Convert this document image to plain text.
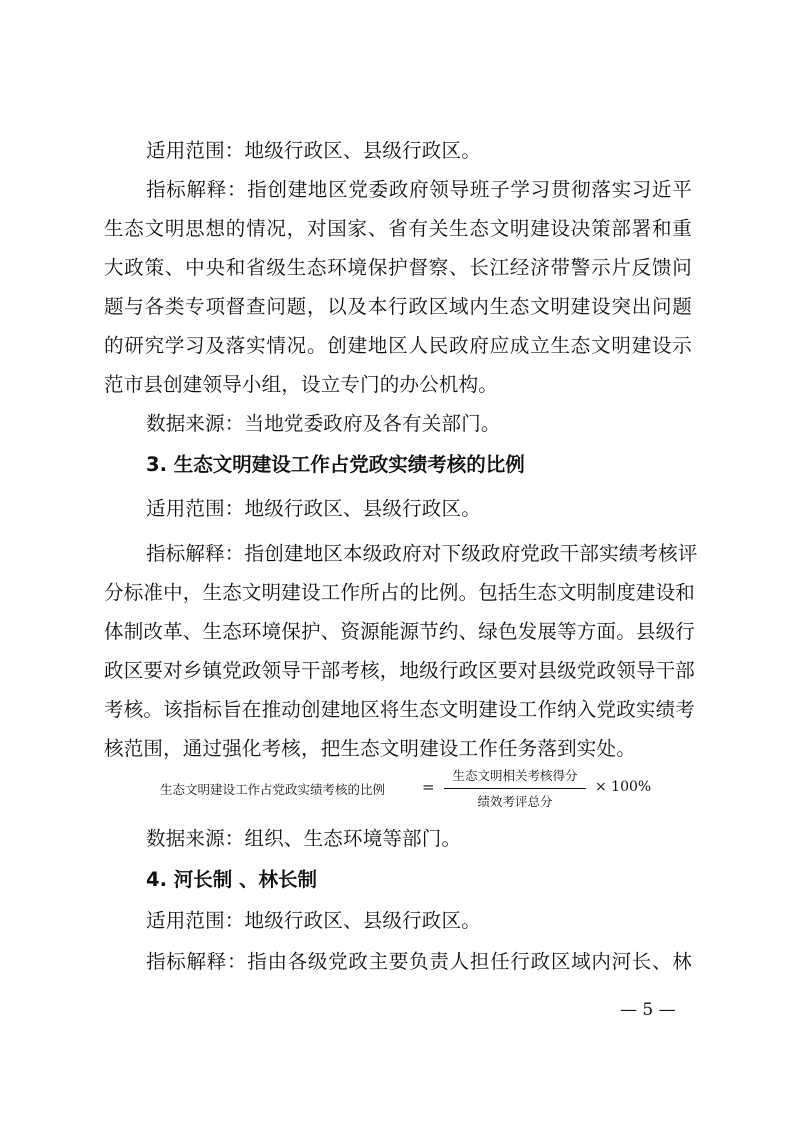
适用范围：地级行政区、县级行政区。
指标解释：指创建地区党委政府领导班子学习贯彻落实习近平
生态文明思想的情况，对国家、省有关生态文明建设决策部署和重
大政策、中央和省级生态环境保护督察、长江经济带警示片反馈问
题与各类专项督查问题，以及本行政区域内生态文明建设突出问题
的研究学习及落实情况。创建地区人民政府应成立生态文明建设示
范市县创建领导小组，设立专门的办公机构。
数据来源：当地党委政府及各有关部门。
3. 生态文明建设工作占党政实绩考核的比例
适用范围：地级行政区、县级行政区。
指标解释：指创建地区本级政府对下级政府党政干部实绩考核评
分标准中，生态文明建设工作所占的比例。包括生态文明制度建设和
体制改革、生态环境保护、资源能源节约、绿色发展等方面。县级行
政区要对乡镇党政领导干部考核，地级行政区要对县级党政领导干部
考核。该指标旨在推动创建地区将生态文明建设工作纳入党政实绩考
核范围，通过强化考核，把生态文明建设工作任务落到实处。
生态文明建设工作占党政实绩考核的比例 =
生态文明相关考核得分
绩效考评总分
× 100%
数据来源：组织、生态环境等部门。
4. 河长制 、林长制
适用范围：地级行政区、县级行政区。
指标解释：指由各级党政主要负责人担任行政区域内河长、林
— 5 —
